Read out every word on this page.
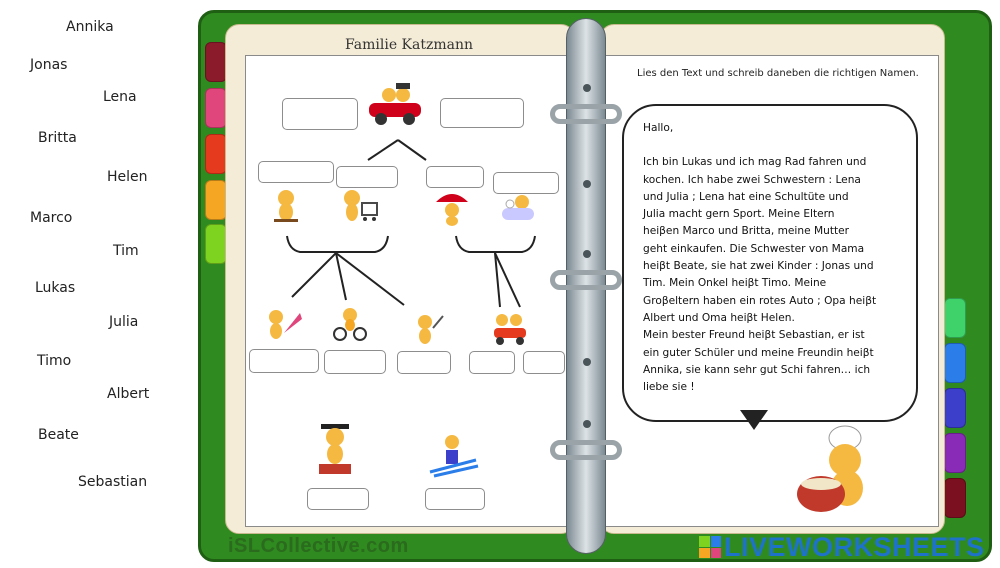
Annika
Jonas
Lena
Britta
Helen
Marco
Tim
Lukas
Julia
Timo
Albert
Beate
Sebastian
Familie Katzmann
Lies den Text und schreib daneben die richtigen Namen.
Hallo,
Ich bin Lukas und ich mag Rad fahren und
kochen. Ich habe zwei Schwestern : Lena
und Julia ; Lena hat eine Schultüte und
Julia macht gern Sport. Meine Eltern
heiβen Marco und Britta, meine Mutter
geht einkaufen. Die Schwester von Mama
heiβt Beate, sie hat zwei Kinder : Jonas und
Tim. Mein Onkel heiβt Timo. Meine
Groβeltern haben ein rotes Auto ; Opa heiβt
Albert und Oma heiβt Helen.
Mein bester Freund heiβt Sebastian, er ist
ein guter Schüler und meine Freundin heiβt
Annika, sie kann sehr gut Schi fahren… ich
liebe sie !
iSLCollective.com	LIVEWORKSHEETS
